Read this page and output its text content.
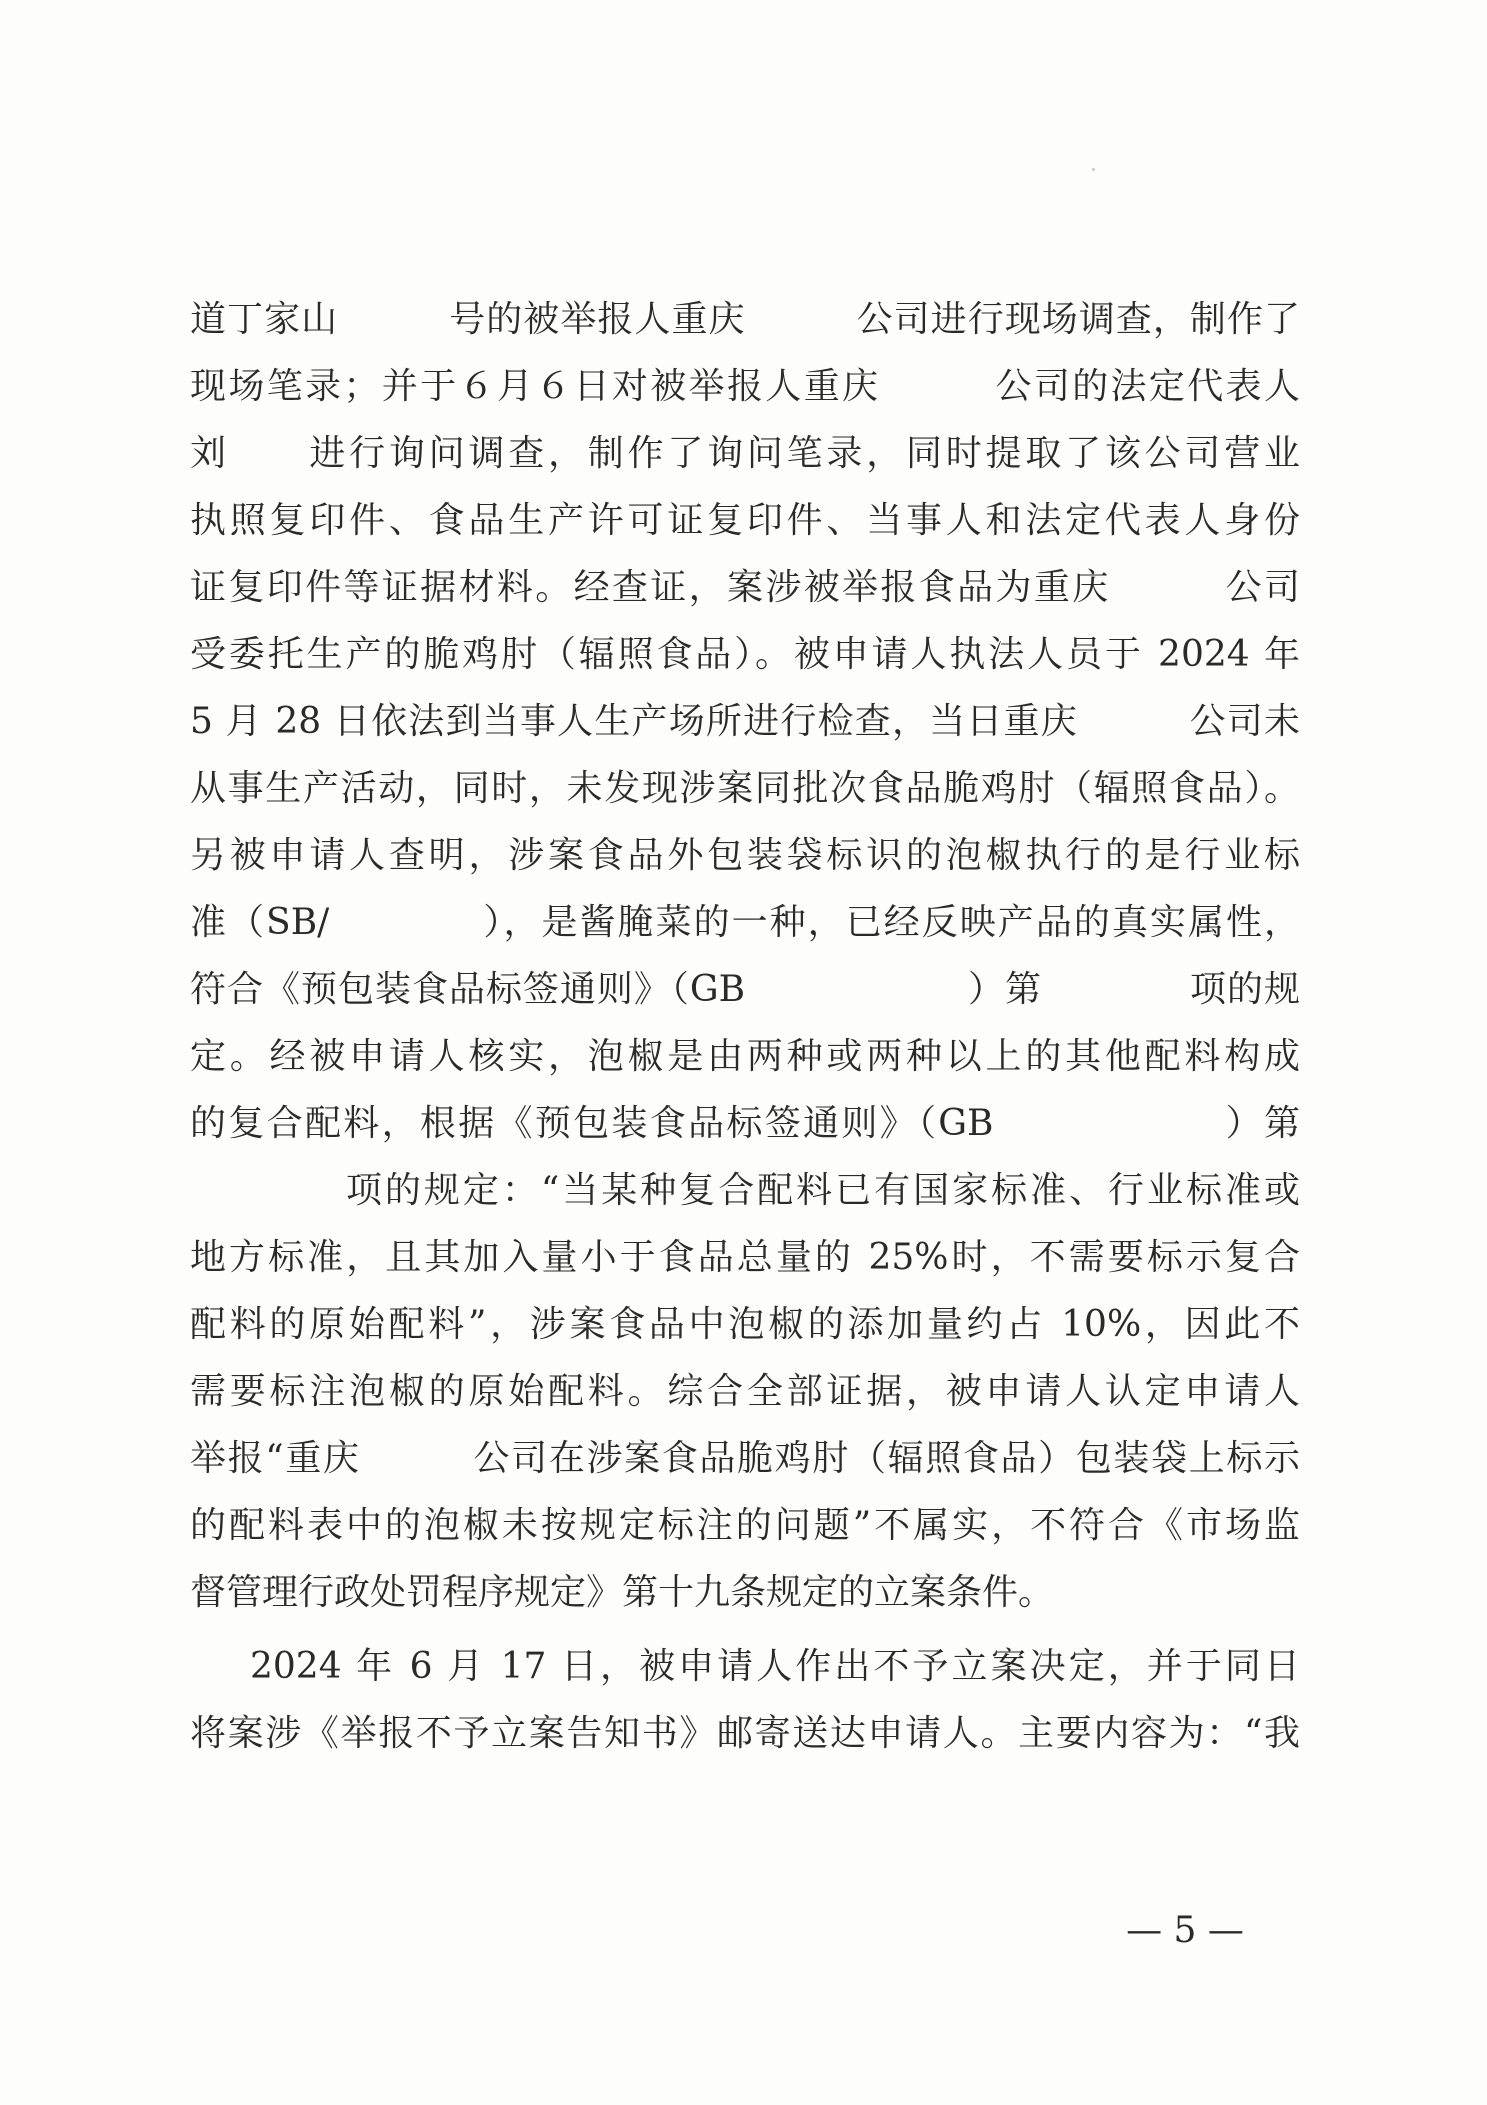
道丁家山　　　号的被举报人重庆　　　公司进行现场调查，制作了
现场笔录；并于６月６日对被举报人重庆　　　公司的法定代表人
刘　　进行询问调查，制作了询问笔录，同时提取了该公司营业
执照复印件、食品生产许可证复印件、当事人和法定代表人身份
证复印件等证据材料。经查证，案涉被举报食品为重庆　　　公司
受委托生产的脆鸡肘（辐照食品）。被申请人执法人员于 2024 年
5 月 28 日依法到当事人生产场所进行检查，当日重庆　　　公司未
从事生产活动，同时，未发现涉案同批次食品脆鸡肘（辐照食品）。
另被申请人查明，涉案食品外包装袋标识的泡椒执行的是行业标
准（SB/　　　　），是酱腌菜的一种，已经反映产品的真实属性，
符合《预包装食品标签通则》（GB　　　　　　）第　　　　项的规
定。经被申请人核实，泡椒是由两种或两种以上的其他配料构成
的复合配料，根据《预包装食品标签通则》（GB　　　　　　）第
　　　　项的规定：“当某种复合配料已有国家标准、行业标准或
地方标准，且其加入量小于食品总量的 25%时，不需要标示复合
配料的原始配料”，涉案食品中泡椒的添加量约占 10%，因此不
需要标注泡椒的原始配料。综合全部证据，被申请人认定申请人
举报“重庆　　　公司在涉案食品脆鸡肘（辐照食品）包装袋上标示
的配料表中的泡椒未按规定标注的问题”不属实，不符合《市场监
督管理行政处罚程序规定》第十九条规定的立案条件。
2024 年 6 月 17 日，被申请人作出不予立案决定，并于同日
将案涉《举报不予立案告知书》邮寄送达申请人。主要内容为：“我
— 5 —
